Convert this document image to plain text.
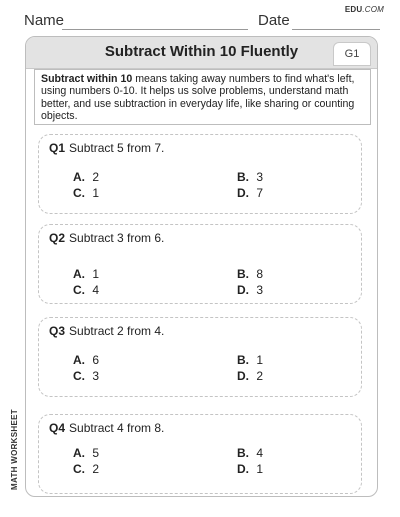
Name	Date
EDU.COM
MATH WORKSHEET
Subtract Within 10 Fluently	G1
Subtract within 10 means taking away numbers to find what's left, using numbers 0-10. It helps us solve problems, understand math better, and use subtraction in everyday life, like sharing or counting objects.
Q1 Subtract 5 from 7.
A. 2	B. 3
C. 1	D. 7
Q2 Subtract 3 from 6.
A. 1	B. 8
C. 4	D. 3
Q3 Subtract 2 from 4.
A. 6	B. 1
C. 3	D. 2
Q4 Subtract 4 from 8.
A. 5	B. 4
C. 2	D. 1
